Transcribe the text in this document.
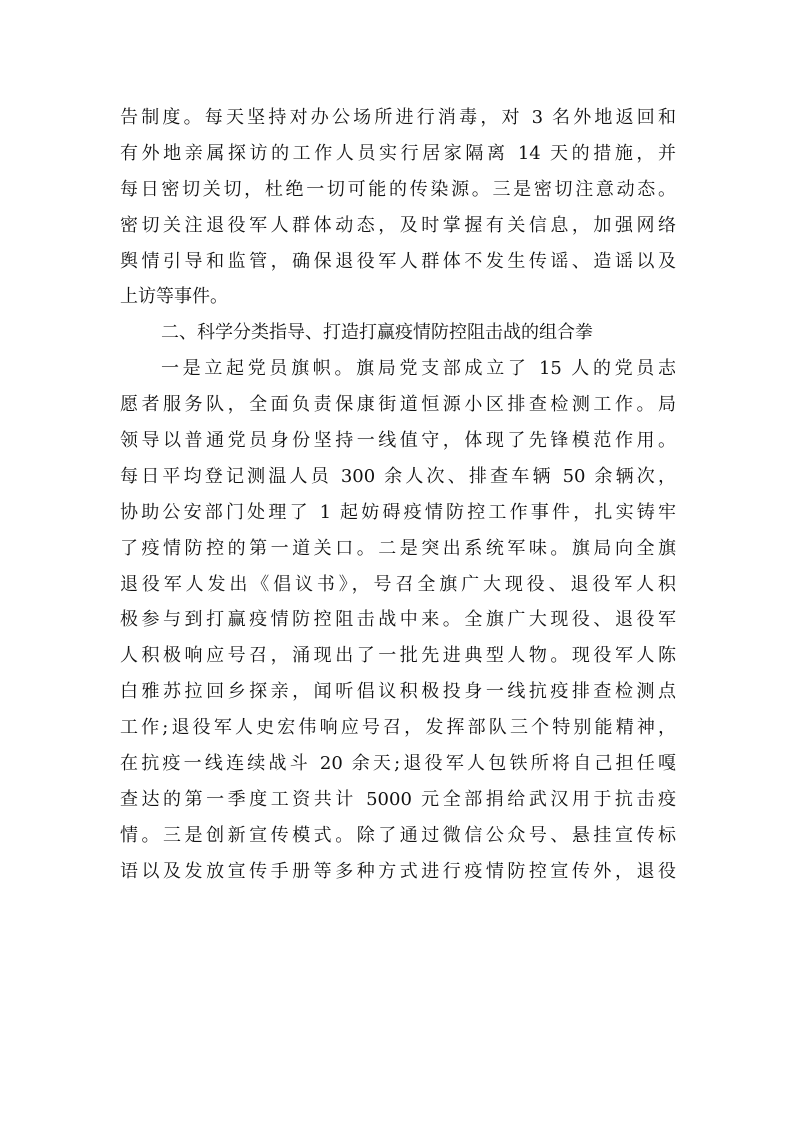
告制度。每天坚持对办公场所进行消毒，对 3 名外地返回和
有外地亲属探访的工作人员实行居家隔离 14 天的措施，并
每日密切关切，杜绝一切可能的传染源。三是密切注意动态。
密切关注退役军人群体动态，及时掌握有关信息，加强网络
舆情引导和监管，确保退役军人群体不发生传谣、造谣以及
上访等事件。
二、科学分类指导、打造打赢疫情防控阻击战的组合拳
一是立起党员旗帜。旗局党支部成立了 15 人的党员志
愿者服务队，全面负责保康街道恒源小区排查检测工作。局
领导以普通党员身份坚持一线值守，体现了先锋模范作用。
每日平均登记测温人员 300 余人次、排查车辆 50 余辆次，
协助公安部门处理了 1 起妨碍疫情防控工作事件，扎实铸牢
了疫情防控的第一道关口。二是突出系统军味。旗局向全旗
退役军人发出《倡议书》，号召全旗广大现役、退役军人积
极参与到打赢疫情防控阻击战中来。全旗广大现役、退役军
人积极响应号召，涌现出了一批先进典型人物。现役军人陈
白雅苏拉回乡探亲，闻听倡议积极投身一线抗疫排查检测点
工作;退役军人史宏伟响应号召，发挥部队三个特别能精神，
在抗疫一线连续战斗 20 余天;退役军人包铁所将自己担任嘎
查达的第一季度工资共计 5000 元全部捐给武汉用于抗击疫
情。三是创新宣传模式。除了通过微信公众号、悬挂宣传标
语以及发放宣传手册等多种方式进行疫情防控宣传外，退役
